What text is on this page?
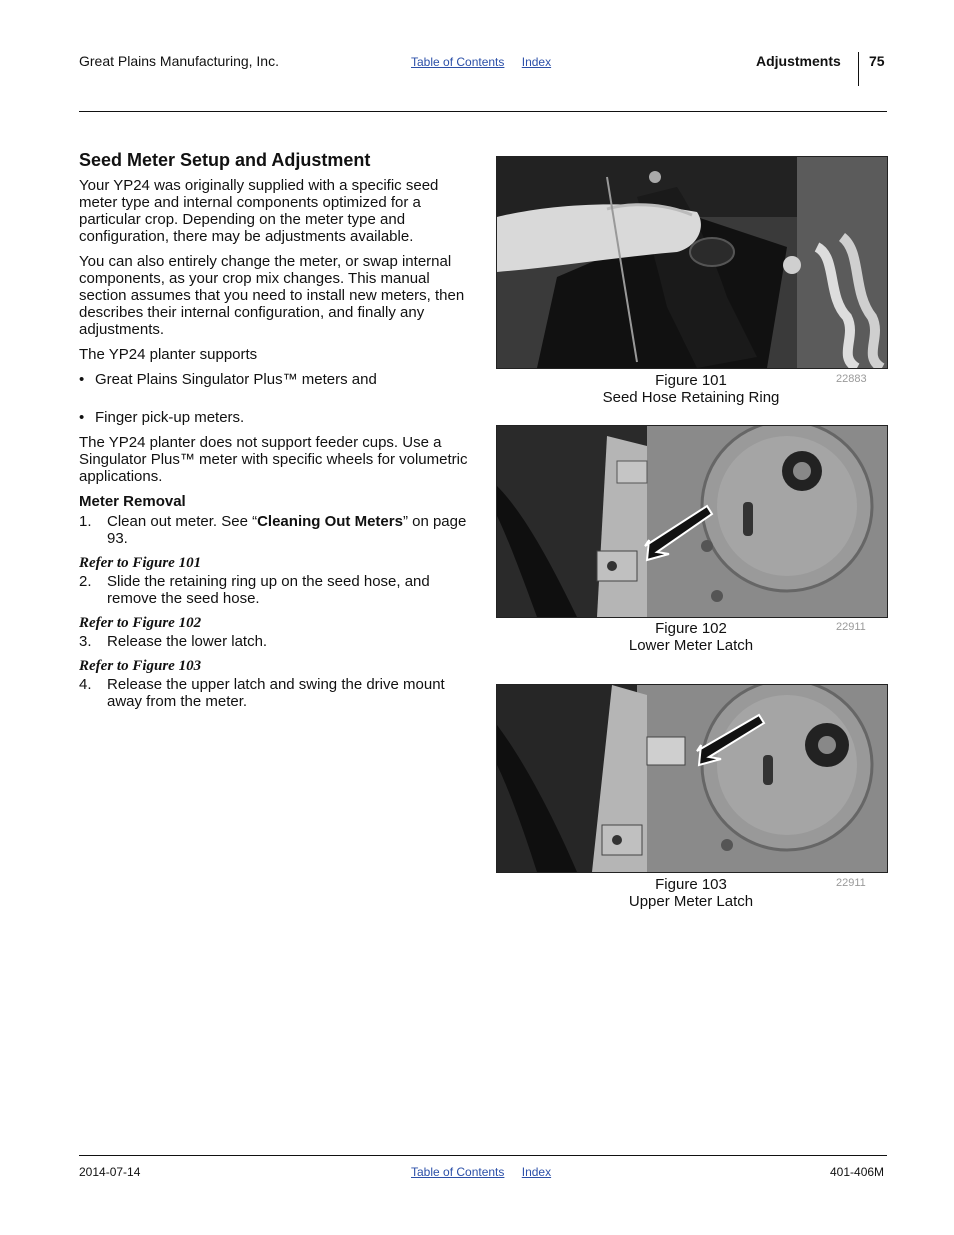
Great Plains Manufacturing, Inc.	Table of Contents Index	Adjustments 75
Seed Meter Setup and Adjustment

Your YP24 was originally supplied with a specific seed meter type and internal components optimized for a particular crop. Depending on the meter type and configuration, there may be adjustments available.

You can also entirely change the meter, or swap internal components, as your crop mix changes. This manual section assumes that you need to install new meters, then describes their internal configuration, and finally any adjustments.

The YP24 planter supports

• Great Plains Singulator Plus™ meters and
• Finger pick-up meters.

The YP24 planter does not support feeder cups. Use a Singulator Plus™ meter with specific wheels for volumetric applications.

Meter Removal
1.	Clean out meter. See “Cleaning Out Meters” on page 93.
Refer to Figure 101
2.	Slide the retaining ring up on the seed hose, and remove the seed hose.
Refer to Figure 102
3.	Release the lower latch.
Refer to Figure 103
4.	Release the upper latch and swing the drive mount away from the meter.
Figure 101
Seed Hose Retaining Ring
22883
Figure 102
Lower Meter Latch
22911
Figure 103
Upper Meter Latch
22911
2014-07-14	Table of Contents Index	401-406M
